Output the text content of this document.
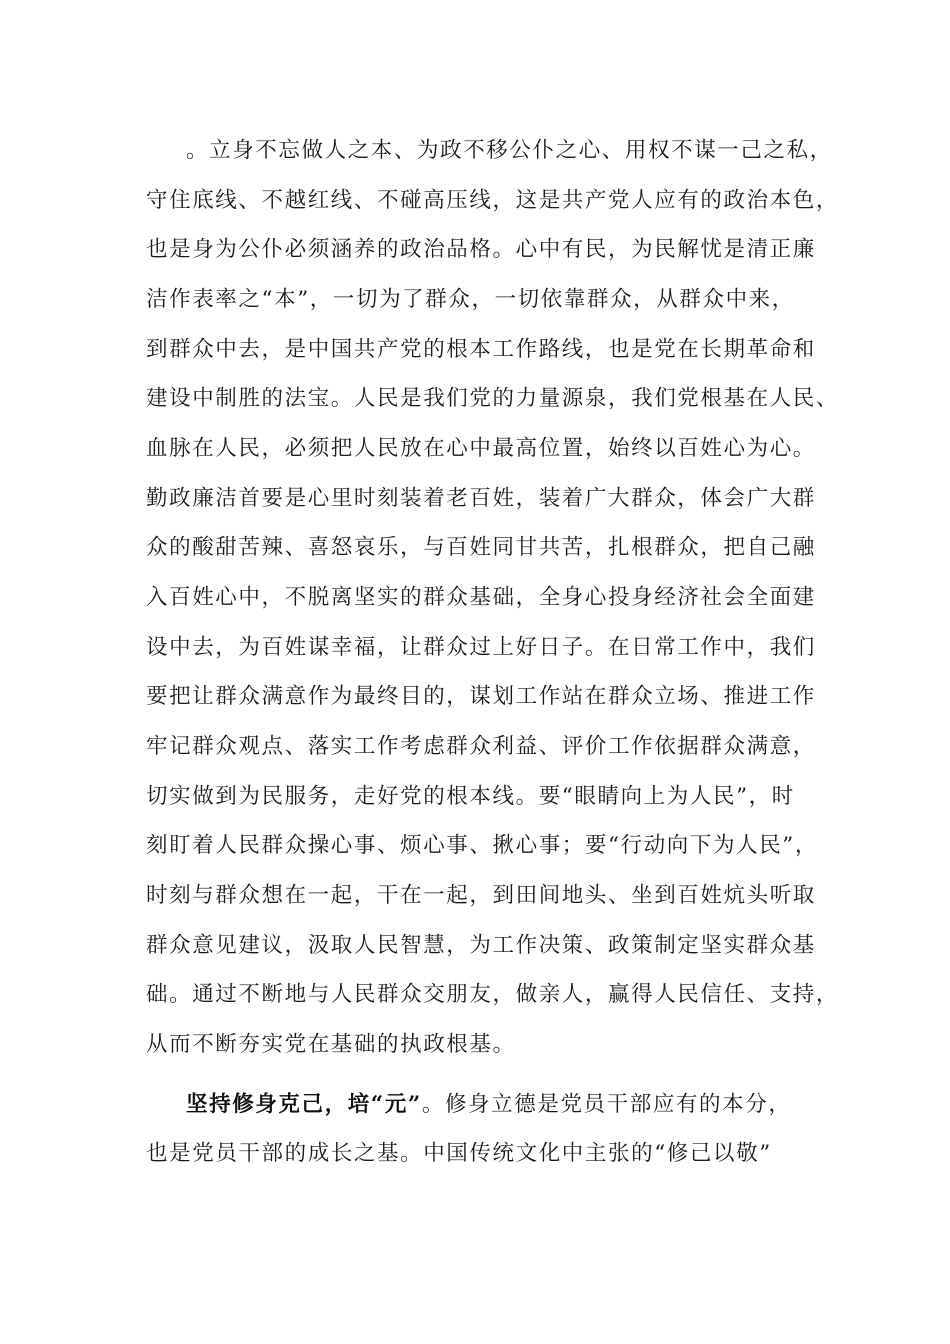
。立身不忘做人之本、为政不移公仆之心、用权不谋一己之私，
守住底线、不越红线、不碰高压线，这是共产党人应有的政治本色，
也是身为公仆必须涵养的政治品格。心中有民，为民解忧是清正廉
洁作表率之“本”，一切为了群众，一切依靠群众，从群众中来，
到群众中去，是中国共产党的根本工作路线，也是党在长期革命和
建设中制胜的法宝。人民是我们党的力量源泉，我们党根基在人民、
血脉在人民，必须把人民放在心中最高位置，始终以百姓心为心。
勤政廉洁首要是心里时刻装着老百姓，装着广大群众，体会广大群
众的酸甜苦辣、喜怒哀乐，与百姓同甘共苦，扎根群众，把自己融
入百姓心中，不脱离坚实的群众基础，全身心投身经济社会全面建
设中去，为百姓谋幸福，让群众过上好日子。在日常工作中，我们
要把让群众满意作为最终目的，谋划工作站在群众立场、推进工作
牢记群众观点、落实工作考虑群众利益、评价工作依据群众满意，
切实做到为民服务，走好党的根本线。要“眼睛向上为人民”，时
刻盯着人民群众操心事、烦心事、揪心事；要“行动向下为人民”，
时刻与群众想在一起，干在一起，到田间地头、坐到百姓炕头听取
群众意见建议，汲取人民智慧，为工作决策、政策制定坚实群众基
础。通过不断地与人民群众交朋友，做亲人，赢得人民信任、支持，
从而不断夯实党在基础的执政根基。
坚持修身克己，培“元”。修身立德是党员干部应有的本分，
也是党员干部的成长之基。中国传统文化中主张的“修己以敬”
